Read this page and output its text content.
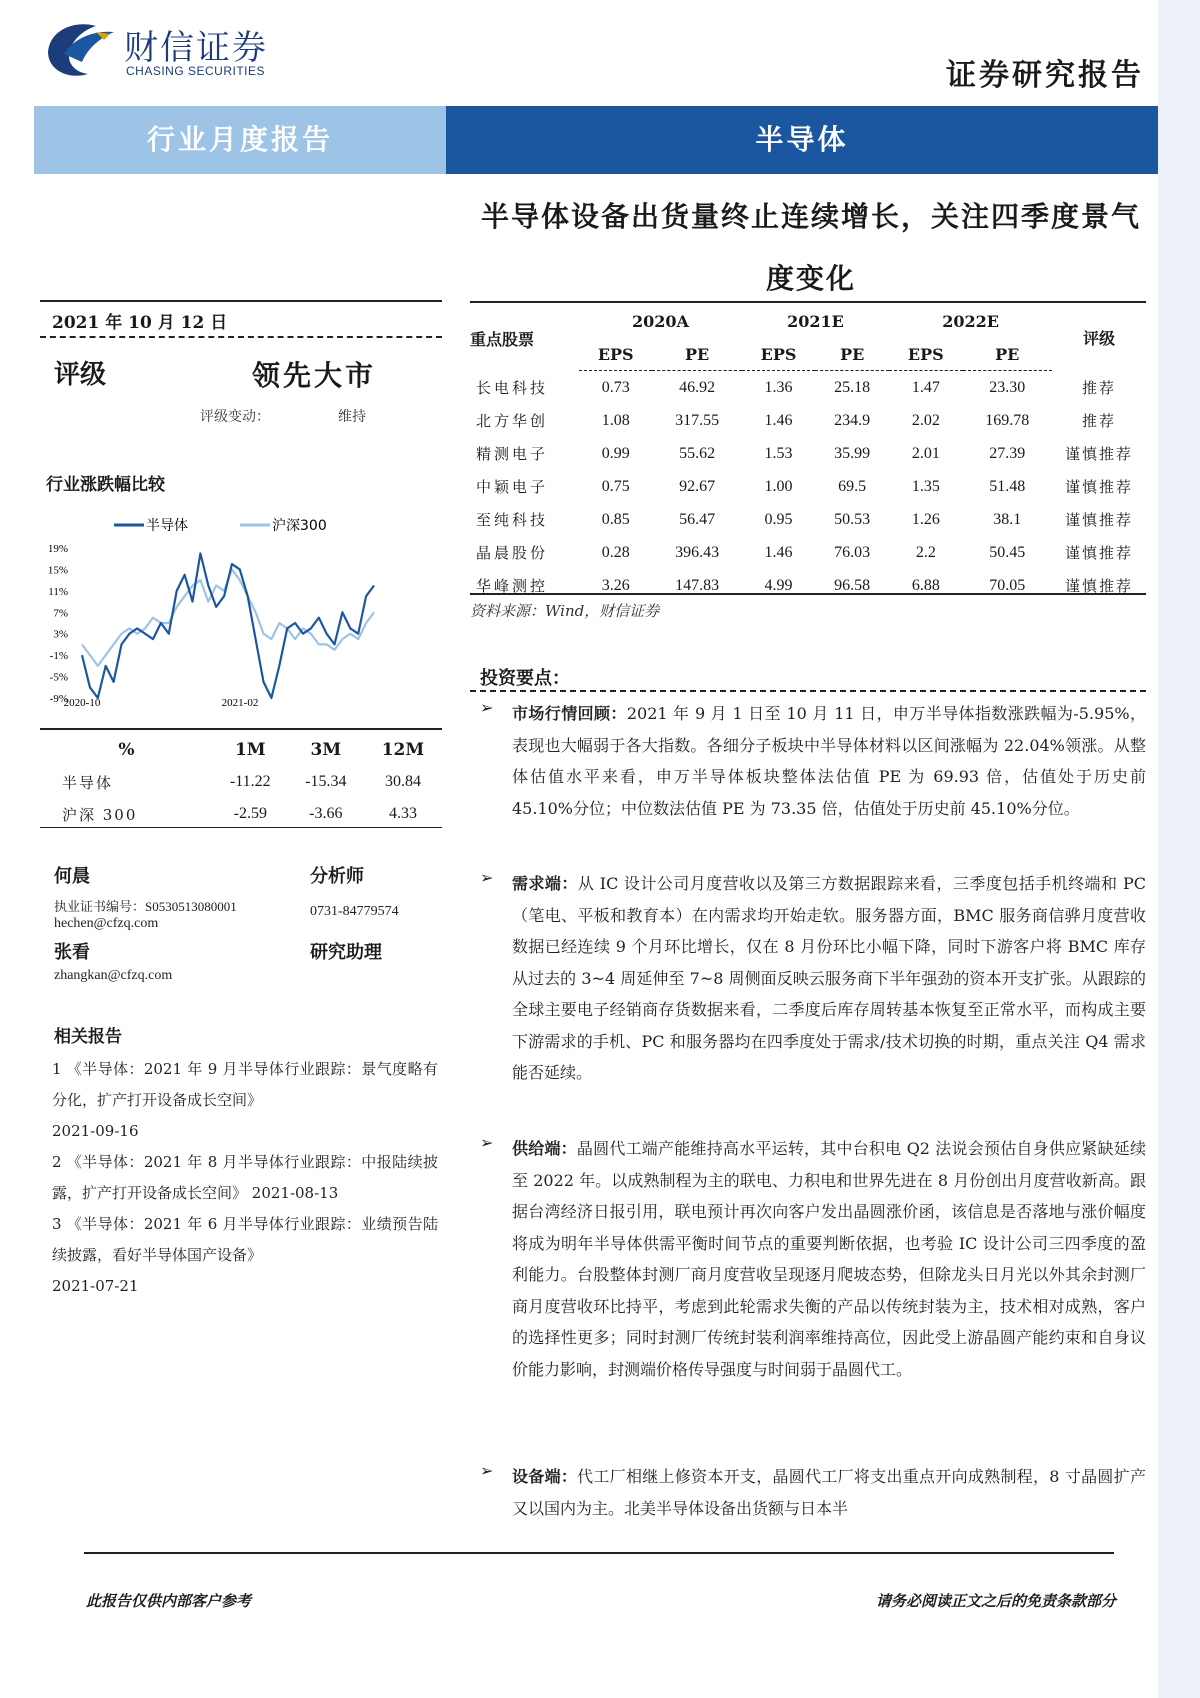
财信证券
CHASING SECURITIES	证券研究报告
行业月度报告	半导体
半导体设备出货量终止连续增长，关注四季度景气
度变化
2021 年 10 月 12 日
评级	领先大市
评级变动：	维持
行业涨跌幅比较
半导体	沪深300
19%
15%
11%
7%
3%
-1%
-5%
-9%
2020-10	2021-02
%	1M	3M	12M
半导体	-11.22	-15.34	30.84
沪深 300	-2.59	-3.66	4.33
何晨	分析师
执业证书编号：S0530513080001	0731-84779574
hechen@cfzq.com
张看	研究助理
zhangkan@cfzq.com
相关报告
1 《半导体：2021 年 9 月半导体行业跟踪：景气度略有分化，扩产打开设备成长空间》
2021-09-16
2 《半导体：2021 年 8 月半导体行业跟踪：中报陆续披露，扩产打开设备成长空间》 2021-08-13
3 《半导体：2021 年 6 月半导体行业跟踪：业绩预告陆续披露，看好半导体国产设备》
2021-07-21
重点股票	2020A		2021E		2022E		评级
	EPS	PE	EPS	PE	EPS	PE	
长电科技	0.73	46.92	1.36	25.18	1.47	23.30	推荐
北方华创	1.08	317.55	1.46	234.9	2.02	169.78	推荐
精测电子	0.99	55.62	1.53	35.99	2.01	27.39	谨慎推荐
中颖电子	0.75	92.67	1.00	69.5	1.35	51.48	谨慎推荐
至纯科技	0.85	56.47	0.95	50.53	1.26	38.1	谨慎推荐
晶晨股份	0.28	396.43	1.46	76.03	2.2	50.45	谨慎推荐
华峰测控	3.26	147.83	4.99	96.58	6.88	70.05	谨慎推荐
资料来源：Wind，财信证券
投资要点：
➢ 市场行情回顾：2021 年 9 月 1 日至 10 月 11 日，申万半导体指数涨跌幅为-5.95%，表现也大幅弱于各大指数。各细分子板块中半导体材料以区间涨幅为 22.04%领涨。从整体估值水平来看，申万半导体板块整体法估值 PE 为 69.93 倍，估值处于历史前 45.10%分位；中位数法估值 PE 为 73.35 倍，估值处于历史前 45.10%分位。
➢ 需求端：从 IC 设计公司月度营收以及第三方数据跟踪来看，三季度包括手机终端和 PC（笔电、平板和教育本）在内需求均开始走软。服务器方面，BMC 服务商信骅月度营收数据已经连续 9 个月环比增长，仅在 8 月份环比小幅下降，同时下游客户将 BMC 库存从过去的 3~4 周延伸至 7~8 周侧面反映云服务商下半年强劲的资本开支扩张。从跟踪的全球主要电子经销商存货数据来看，二季度后库存周转基本恢复至正常水平，而构成主要下游需求的手机、PC 和服务器均在四季度处于需求/技术切换的时期，重点关注 Q4 需求能否延续。
➢ 供给端：晶圆代工端产能维持高水平运转，其中台积电 Q2 法说会预估自身供应紧缺延续至 2022 年。以成熟制程为主的联电、力积电和世界先进在 8 月份创出月度营收新高。跟据台湾经济日报引用，联电预计再次向客户发出晶圆涨价函，该信息是否落地与涨价幅度将成为明年半导体供需平衡时间节点的重要判断依据，也考验 IC 设计公司三四季度的盈利能力。台股整体封测厂商月度营收呈现逐月爬坡态势，但除龙头日月光以外其余封测厂商月度营收环比持平，考虑到此轮需求失衡的产品以传统封装为主，技术相对成熟，客户的选择性更多；同时封测厂传统封装利润率维持高位，因此受上游晶圆产能约束和自身议价能力影响，封测端价格传导强度与时间弱于晶圆代工。
➢ 设备端：代工厂相继上修资本开支，晶圆代工厂将支出重点开向成熟制程，8 寸晶圆扩产又以国内为主。北美半导体设备出货额与日本半
此报告仅供内部客户参考	请务必阅读正文之后的免责条款部分
